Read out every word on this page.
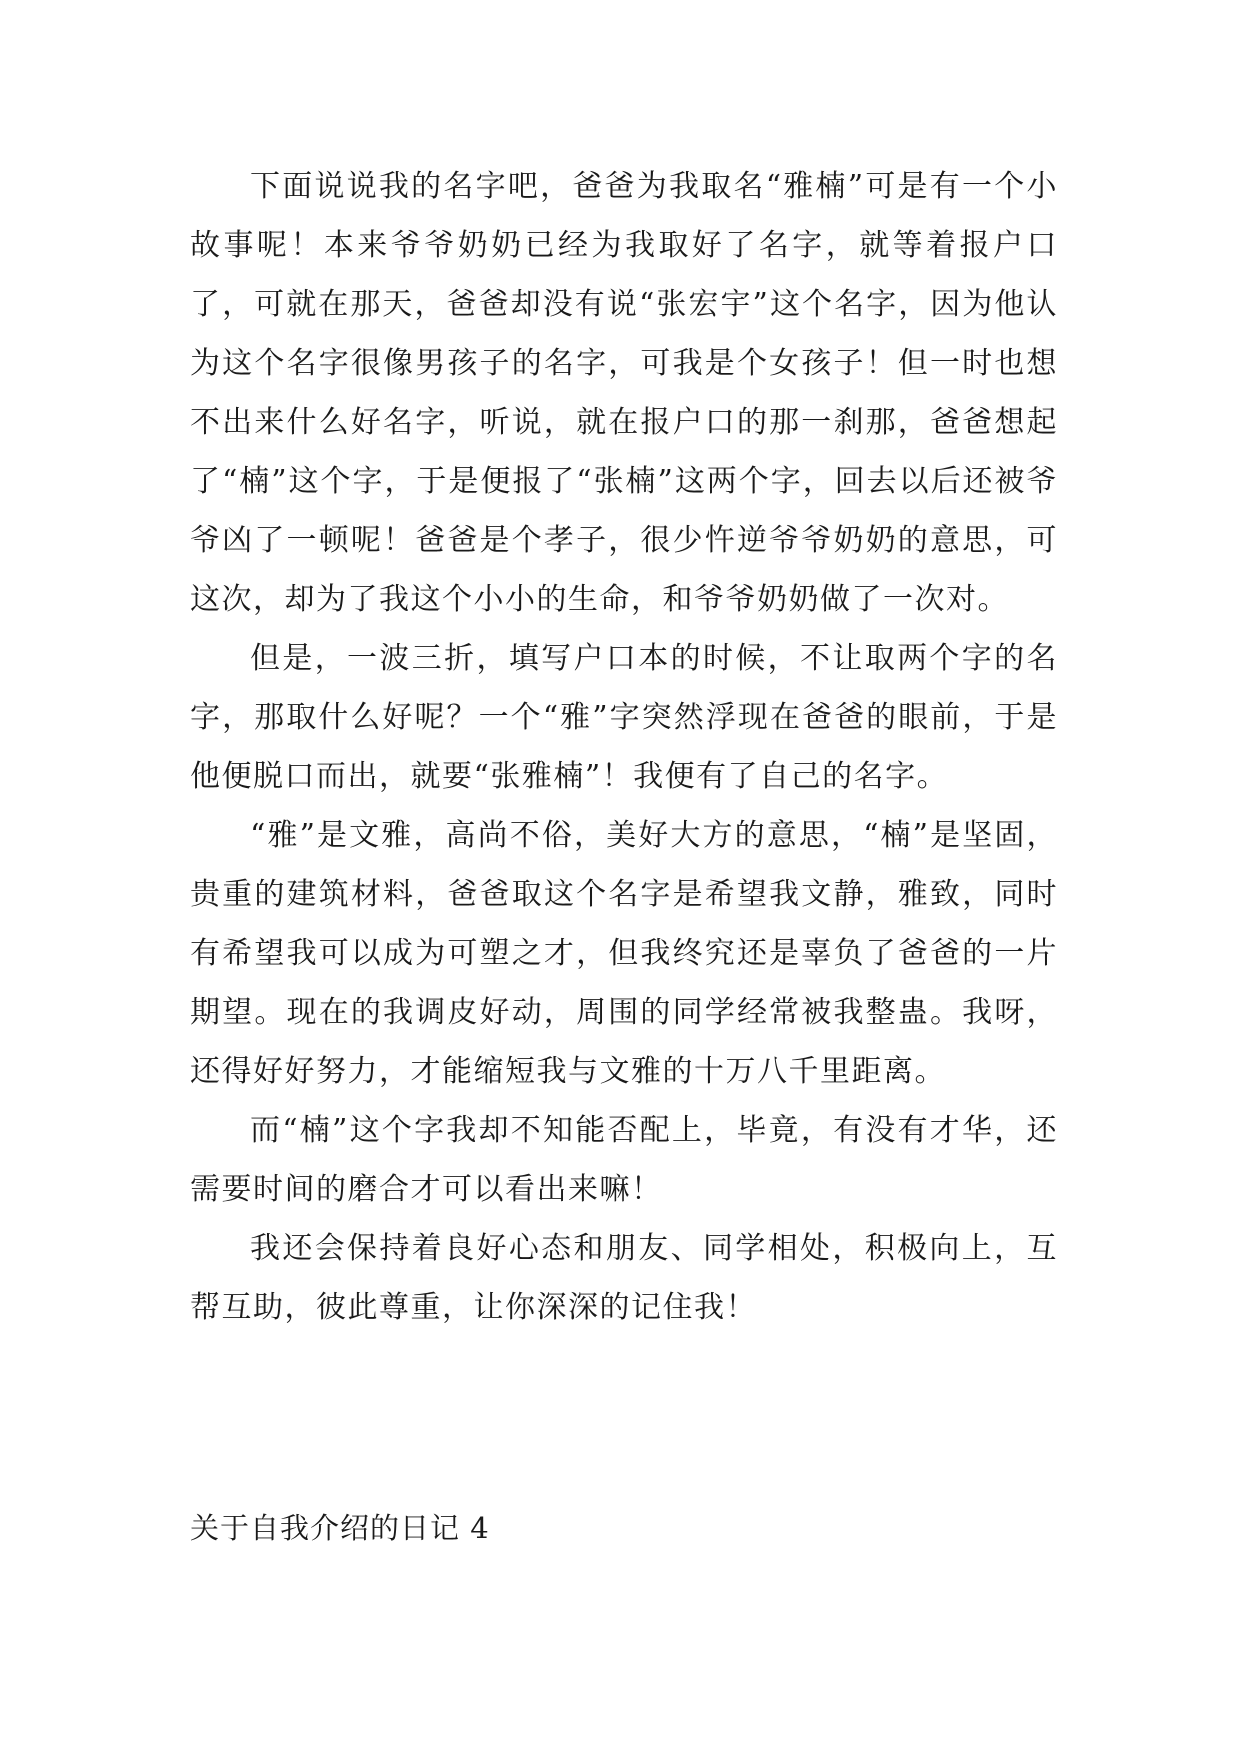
下面说说我的名字吧，爸爸为我取名“雅楠”可是有一个小故事呢！本来爷爷奶奶已经为我取好了名字，就等着报户口了，可就在那天，爸爸却没有说“张宏宇”这个名字，因为他认为这个名字很像男孩子的名字，可我是个女孩子！但一时也想不出来什么好名字，听说，就在报户口的那一刹那，爸爸想起了“楠”这个字，于是便报了“张楠”这两个字，回去以后还被爷爷凶了一顿呢！爸爸是个孝子，很少忤逆爷爷奶奶的意思，可这次，却为了我这个小小的生命，和爷爷奶奶做了一次对。

但是，一波三折，填写户口本的时候，不让取两个字的名字，那取什么好呢？一个“雅”字突然浮现在爸爸的眼前，于是他便脱口而出，就要“张雅楠”！我便有了自己的名字。

“雅”是文雅，高尚不俗，美好大方的意思，“楠”是坚固，贵重的建筑材料，爸爸取这个名字是希望我文静，雅致，同时有希望我可以成为可塑之才，但我终究还是辜负了爸爸的一片期望。现在的我调皮好动，周围的同学经常被我整蛊。我呀，还得好好努力，才能缩短我与文雅的十万八千里距离。

而“楠”这个字我却不知能否配上，毕竟，有没有才华，还需要时间的磨合才可以看出来嘛！

我还会保持着良好心态和朋友、同学相处，积极向上，互帮互助，彼此尊重，让你深深的记住我！

关于自我介绍的日记 4
